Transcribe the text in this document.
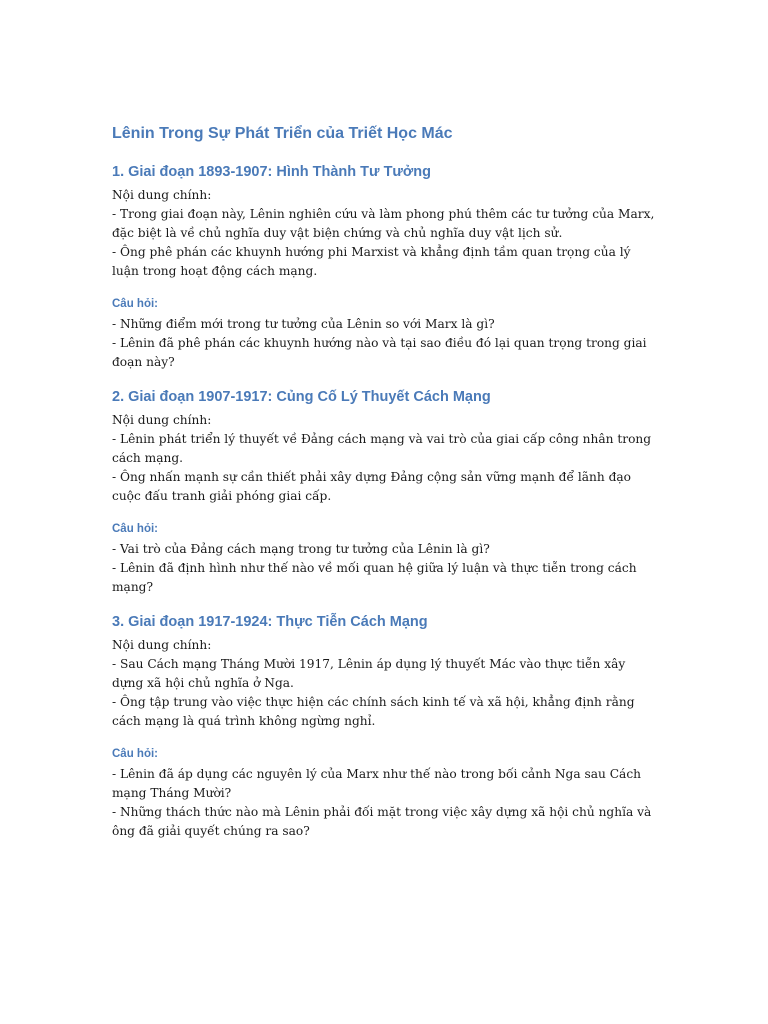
Lênin Trong Sự Phát Triển của Triết Học Mác
1. Giai đoạn 1893-1907: Hình Thành Tư Tưởng

Nội dung chính:

- Trong giai đoạn này, Lênin nghiên cứu và làm phong phú thêm các tư tưởng của Marx, đặc biệt là về chủ nghĩa duy vật biện chứng và chủ nghĩa duy vật lịch sử.

- Ông phê phán các khuynh hướng phi Marxist và khẳng định tầm quan trọng của lý luận trong hoạt động cách mạng.

Câu hỏi:

- Những điểm mới trong tư tưởng của Lênin so với Marx là gì?

- Lênin đã phê phán các khuynh hướng nào và tại sao điều đó lại quan trọng trong giai đoạn này?

2. Giai đoạn 1907-1917: Củng Cố Lý Thuyết Cách Mạng

Nội dung chính:

- Lênin phát triển lý thuyết về Đảng cách mạng và vai trò của giai cấp công nhân trong cách mạng.

- Ông nhấn mạnh sự cần thiết phải xây dựng Đảng cộng sản vững mạnh để lãnh đạo cuộc đấu tranh giải phóng giai cấp.

Câu hỏi:

- Vai trò của Đảng cách mạng trong tư tưởng của Lênin là gì?

- Lênin đã định hình như thế nào về mối quan hệ giữa lý luận và thực tiễn trong cách mạng?

3. Giai đoạn 1917-1924: Thực Tiễn Cách Mạng

Nội dung chính:

- Sau Cách mạng Tháng Mười 1917, Lênin áp dụng lý thuyết Mác vào thực tiễn xây dựng xã hội chủ nghĩa ở Nga.

- Ông tập trung vào việc thực hiện các chính sách kinh tế và xã hội, khẳng định rằng cách mạng là quá trình không ngừng nghỉ.

Câu hỏi:

- Lênin đã áp dụng các nguyên lý của Marx như thế nào trong bối cảnh Nga sau Cách mạng Tháng Mười?

- Những thách thức nào mà Lênin phải đối mặt trong việc xây dựng xã hội chủ nghĩa và ông đã giải quyết chúng ra sao?
